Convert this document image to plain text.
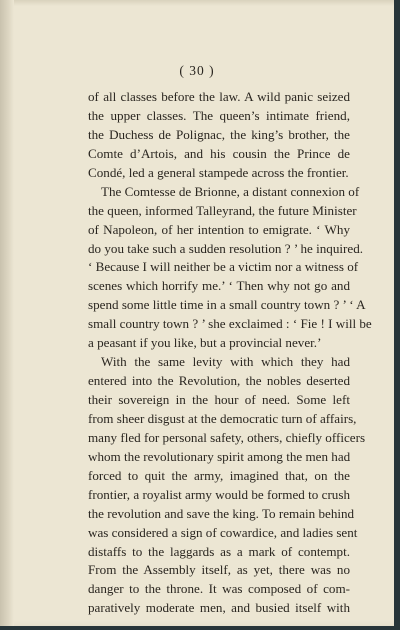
( 30 )

of all classes before the law. A wild panic seized
the upper classes. The queen’s intimate friend,
the Duchess de Polignac, the king’s brother, the
Comte d’Artois, and his cousin the Prince de
Condé, led a general stampede across the frontier.
The Comtesse de Brionne, a distant connexion of
the queen, informed Talleyrand, the future Minister
of Napoleon, of her intention to emigrate. ‘ Why
do you take such a sudden resolution ? ’ he inquired.
‘ Because I will neither be a victim nor a witness of
scenes which horrify me.’ ‘ Then why not go and
spend some little time in a small country town ? ’ ‘ A
small country town ? ’ she exclaimed : ‘ Fie ! I will be
a peasant if you like, but a provincial never.’
With the same levity with which they had
entered into the Revolution, the nobles deserted
their sovereign in the hour of need. Some left
from sheer disgust at the democratic turn of affairs,
many fled for personal safety, others, chiefly officers
whom the revolutionary spirit among the men had
forced to quit the army, imagined that, on the
frontier, a royalist army would be formed to crush
the revolution and save the king. To remain behind
was considered a sign of cowardice, and ladies sent
distaffs to the laggards as a mark of contempt.
From the Assembly itself, as yet, there was no
danger to the throne. It was composed of com-
paratively moderate men, and busied itself with
